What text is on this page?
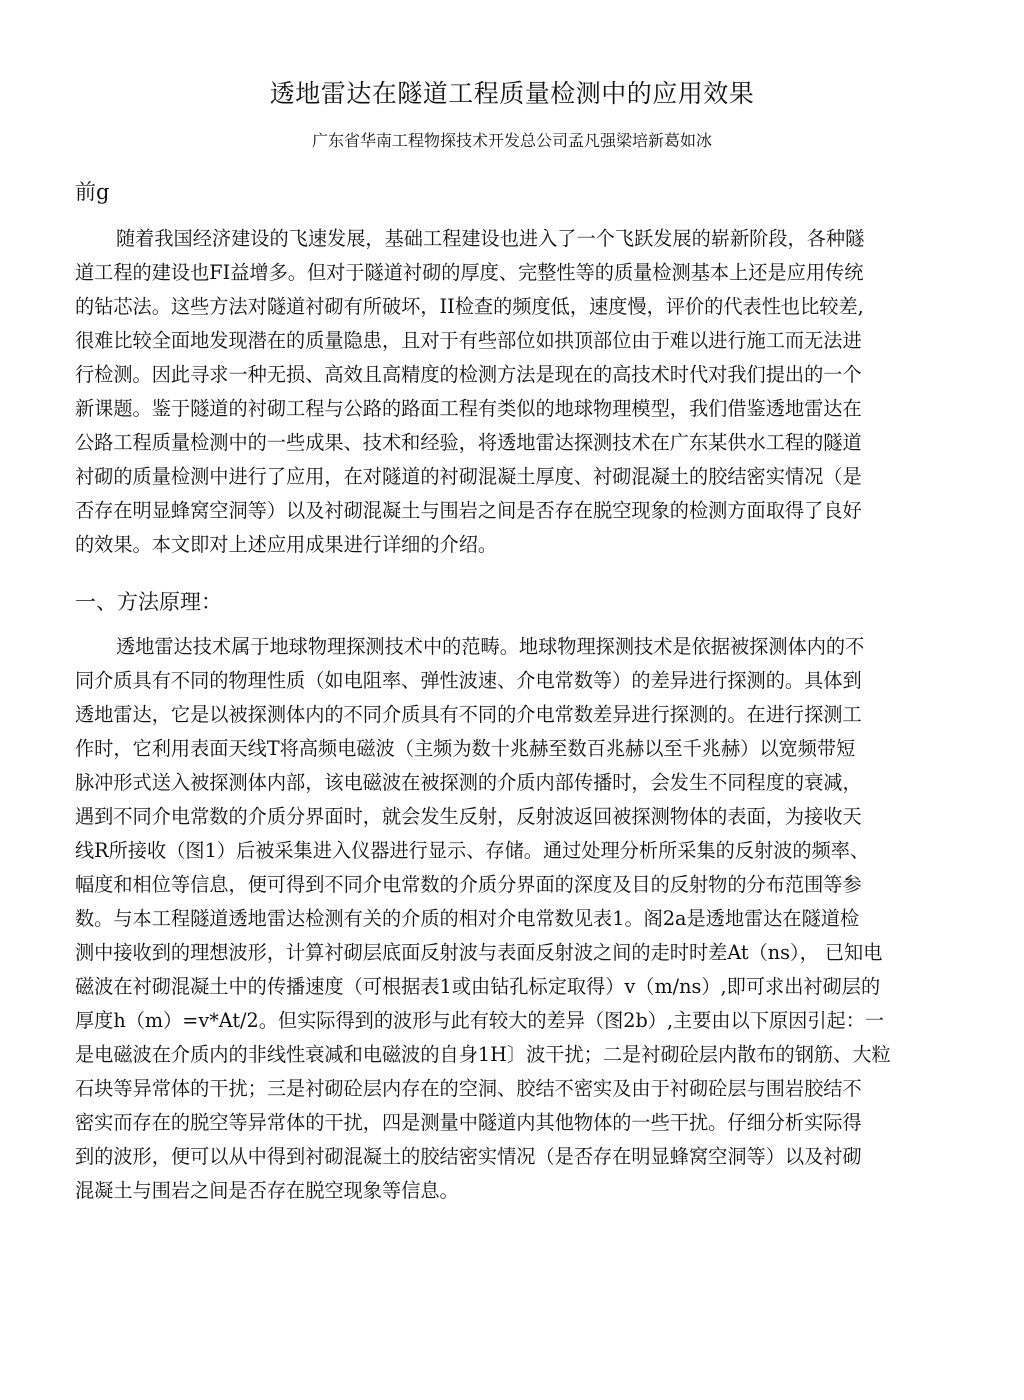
透地雷达在隧道工程质量检测中的应用效果
广东省华南工程物探技术开发总公司孟凡强梁培新葛如冰
前g
随着我国经济建设的飞速发展，基础工程建设也进入了一个飞跃发展的崭新阶段，各种隧
道工程的建设也FI益增多。但对于隧道衬砌的厚度、完整性等的质量检测基本上还是应用传统
的钻芯法。这些方法对隧道衬砌有所破坏，II检查的频度低，速度慢，评价的代表性也比较差,
很难比较全面地发现潜在的质量隐患，且对于有些部位如拱顶部位由于难以进行施工而无法进
行检测。因此寻求一种无损、高效且高精度的检测方法是现在的高技术时代对我们提出的一个
新课题。鉴于隧道的衬砌工程与公路的路面工程有类似的地球物理模型，我们借鉴透地雷达在
公路工程质量检测中的一些成果、技术和经验，将透地雷达探测技术在广东某供水工程的隧道
衬砌的质量检测中进行了应用，在对隧道的衬砌混凝土厚度、衬砌混凝土的胶结密实情况（是
否存在明显蜂窝空洞等）以及衬砌混凝土与围岩之间是否存在脱空现象的检测方面取得了良好
的效果。本文即对上述应用成果进行详细的介绍。
一、方法原理：
透地雷达技术属于地球物理探测技术中的范畴。地球物理探测技术是依据被探测体内的不
同介质具有不同的物理性质（如电阻率、弹性波速、介电常数等）的差异进行探测的。具体到
透地雷达，它是以被探测体内的不同介质具有不同的介电常数差异进行探测的。在进行探测工
作时，它利用表面天线T将高频电磁波（主频为数十兆赫至数百兆赫以至千兆赫）以宽频带短
脉冲形式送入被探测体内部，该电磁波在被探测的介质内部传播时，会发生不同程度的衰减，
遇到不同介电常数的介质分界面时，就会发生反射，反射波返回被探测物体的表面，为接收天
线R所接收（图1）后被采集进入仪器进行显示、存储。通过处理分析所采集的反射波的频率、
幅度和相位等信息，便可得到不同介电常数的介质分界面的深度及目的反射物的分布范围等参
数。与本工程隧道透地雷达检测有关的介质的相对介电常数见表1。阁2a是透地雷达在隧道检
测中接收到的理想波形，计算衬砌层底面反射波与表面反射波之间的走时时差At（ns）， 已知电
磁波在衬砌混凝土中的传播速度（可根据表1或由钻孔标定取得）v（m/ns）,即可求出衬砌层的
厚度h（m）=v*At/2。但实际得到的波形与此有较大的差异（图2b）,主要由以下原因引起：一
是电磁波在介质内的非线性衰减和电磁波的自身1H〕波干扰；二是衬砌砼层内散布的钢筋、大粒
石块等异常体的干扰；三是衬砌砼层内存在的空洞、胶结不密实及由于衬砌砼层与围岩胶结不
密实而存在的脱空等异常体的干扰，四是测量中隧道内其他物体的一些干扰。仔细分析实际得
到的波形，便可以从中得到衬砌混凝土的胶结密实情况（是否存在明显蜂窝空洞等）以及衬砌
混凝土与围岩之间是否存在脱空现象等信息。
